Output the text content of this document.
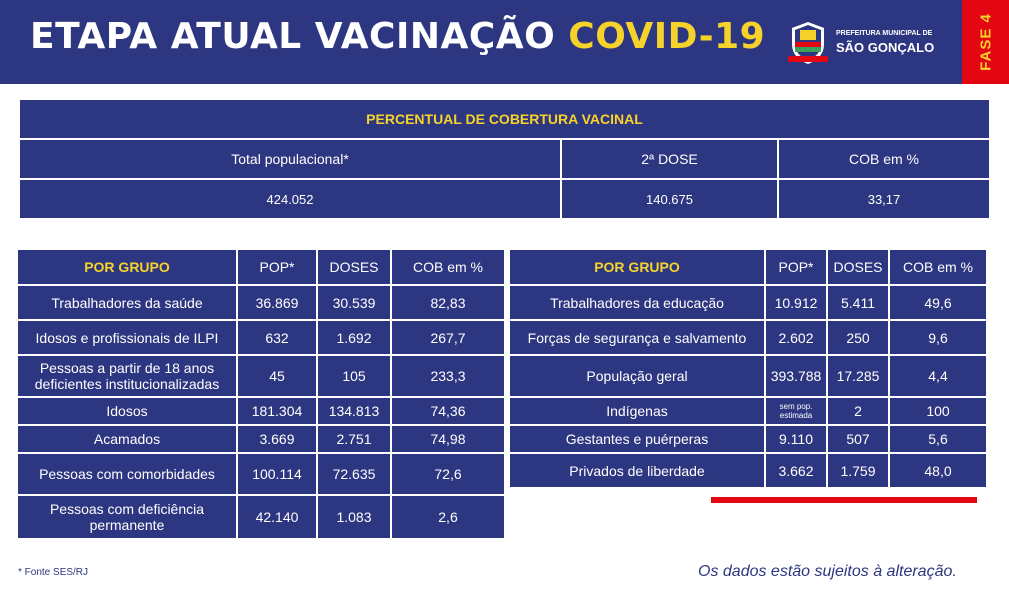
ETAPA ATUAL VACINAÇÃO COVID-19	PREFEITURA MUNICIPAL DE
SÃO GONÇALO	FASE 4
PERCENTUAL DE COBERTURA VACINAL		
Total populacional*	2ª DOSE	COB em %
424.052	140.675	33,17
POR GRUPO	POP*	DOSES	COB em %
Trabalhadores da saúde	36.869	30.539	82,83
Idosos e profissionais de ILPI	632	1.692	267,7
Pessoas a partir de 18 anos deficientes institucionalizadas	45	105	233,3
Idosos	181.304	134.813	74,36
Acamados	3.669	2.751	74,98
Pessoas com comorbidades	100.114	72.635	72,6
Pessoas com deficiência permanente	42.140	1.083	2,6
POR GRUPO	POP*	DOSES	COB em %
Trabalhadores da educação	10.912	5.411	49,6
Forças de segurança e salvamento	2.602	250	9,6
População geral	393.788	17.285	4,4
Indígenas	sem pop. estimada	2	100
Gestantes e puérperas	9.110	507	5,6
Privados de liberdade	3.662	1.759	48,0
* Fonte SES/RJ	Os dados estão sujeitos à alteração.
